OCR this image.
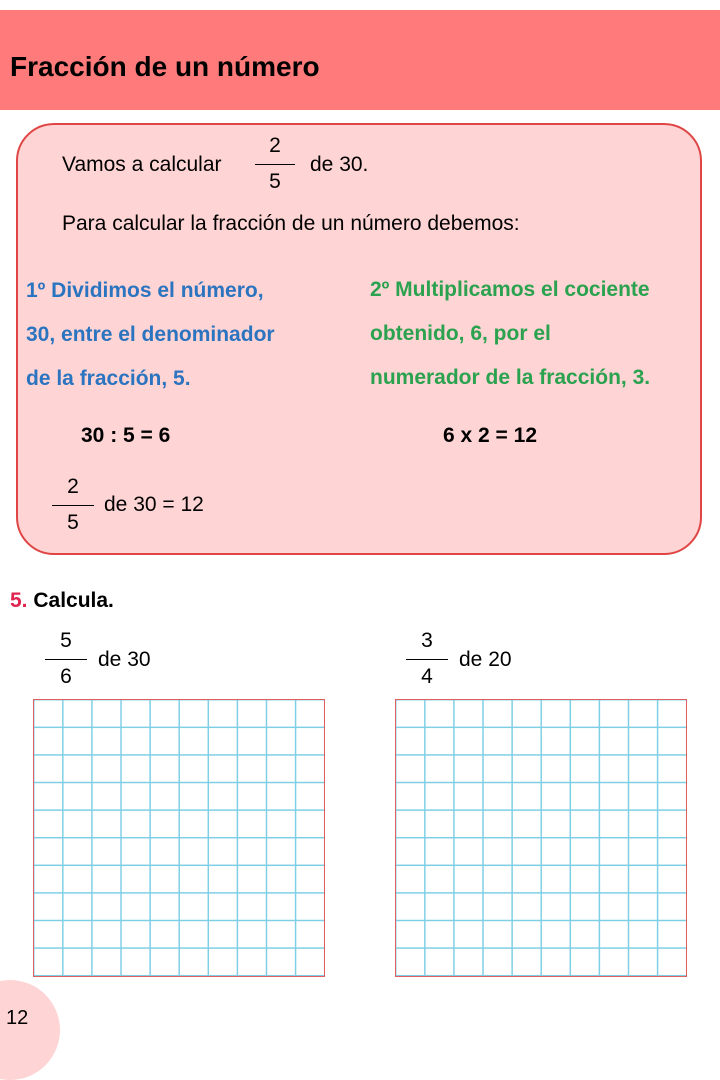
Fracción de un número
Vamos a calcular
2
5
de 30.
Para calcular la fracción de un número debemos:
1º Dividimos el número,
30, entre el denominador
de la fracción, 5.
2º Multiplicamos el cociente
obtenido, 6, por el
numerador de la fracción, 3.
30 : 5 = 6	6 x 2 = 12
2
5
de 30 = 12
5. Calcula.
5
6
de 30
3
4
de 20
12
